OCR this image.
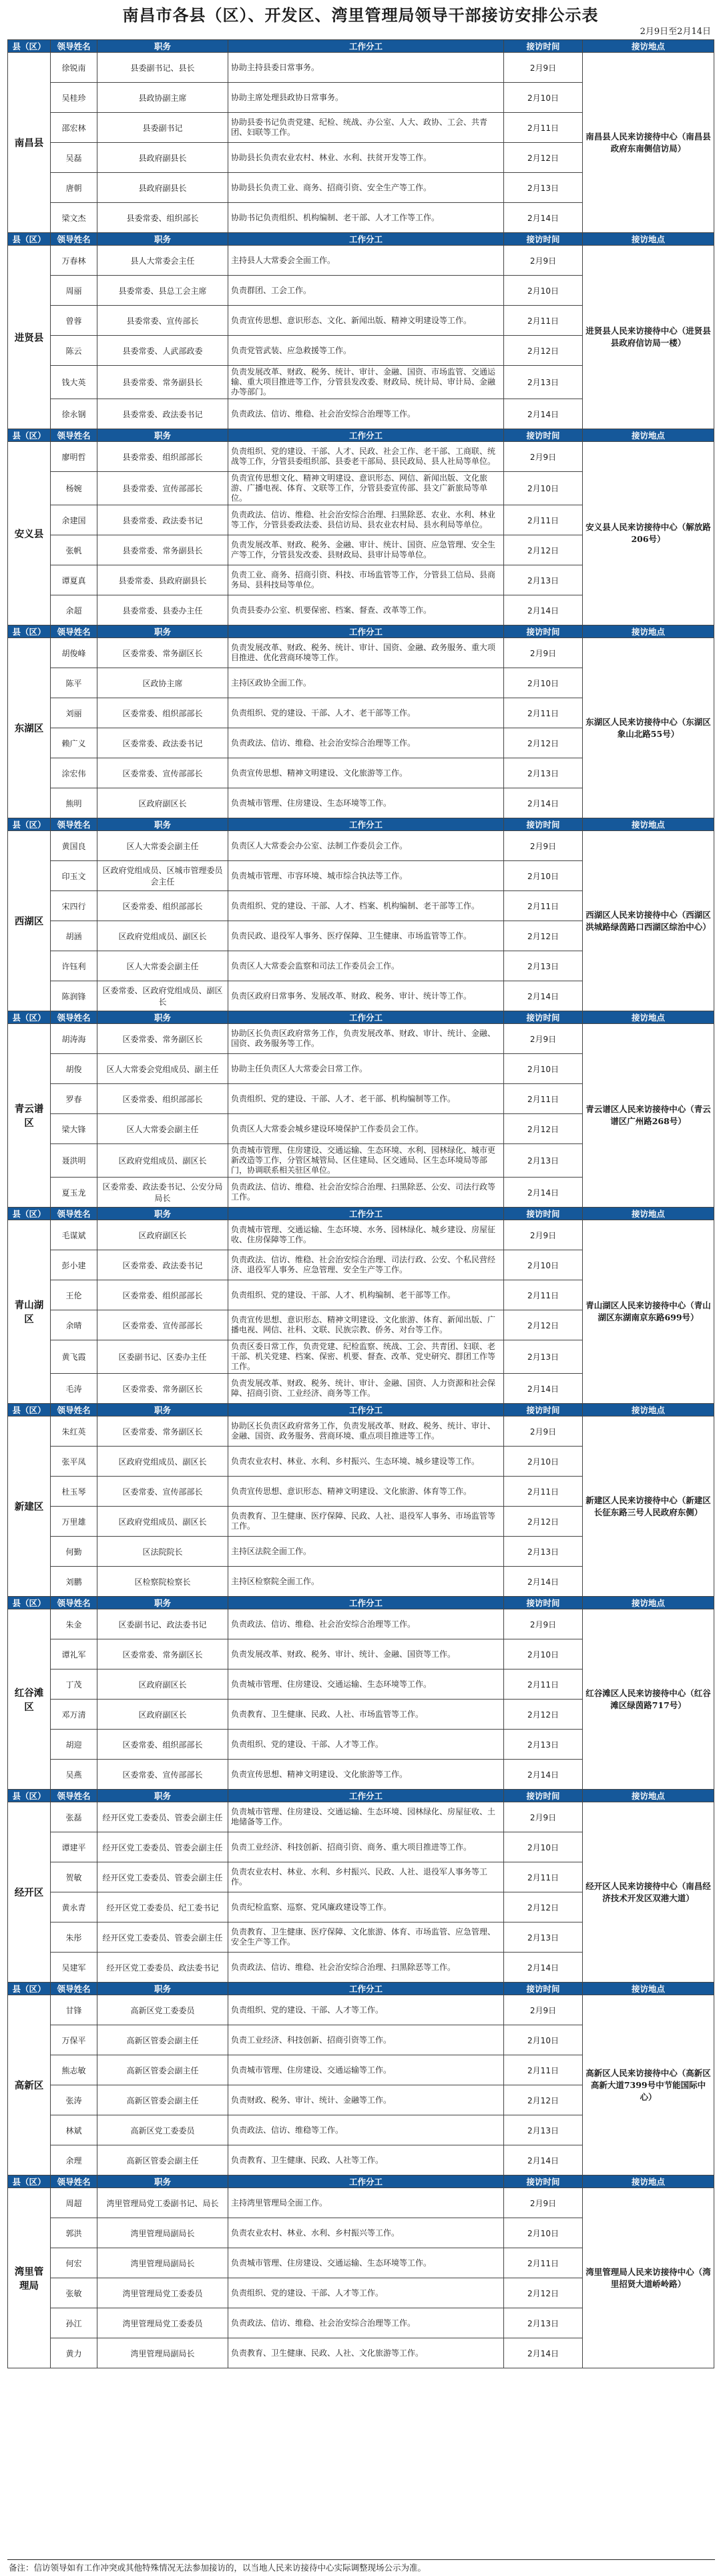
南昌市各县（区）、开发区、湾里管理局领导干部接访安排公示表
2月9日至2月14日
县（区）	领导姓名	职务	工作分工	接访时间	接访地点
南昌县	徐锐南	县委副书记、县长	协助主持县委日常事务。	2月9日	南昌县人民来访接待中心（南昌县政府东南侧信访局）
	吴桂珍	县政协副主席	协助主席处理县政协日常事务。	2月10日	
	邵宏林	县委副书记	协助县委书记负责党建、纪检、统战、办公室、人大、政协、工会、共青团、妇联等工作。	2月11日	
	吴磊	县政府副县长	协助县长负责农业农村、林业、水利、扶贫开发等工作。	2月12日	
	唐朝	县政府副县长	协助县长负责工业、商务、招商引资、安全生产等工作。	2月13日	
	梁文杰	县委常委、组织部长	协助书记负责组织、机构编制、老干部、人才工作等工作。	2月14日	
县（区）	领导姓名	职务	工作分工	接访时间	接访地点
进贤县	万春林	县人大常委会主任	主持县人大常委会全面工作。	2月9日	进贤县人民来访接待中心（进贤县县政府信访局一楼）
	周丽	县委常委、县总工会主席	负责群团、工会工作。	2月10日	
	曾蓉	县委常委、宣传部长	负责宣传思想、意识形态、文化、新闻出版、精神文明建设等工作。	2月11日	
	陈云	县委常委、人武部政委	负责党管武装、应急救援等工作。	2月12日	
	钱大英	县委常委、常务副县长	负责发展改革、财政、税务、统计、审计、金融、国资、市场监管、交通运输、重大项目推进等工作，分管县发改委、财政局、统计局、审计局、金融办等部门。	2月13日	
	徐永钢	县委常委、政法委书记	负责政法、信访、维稳、社会治安综合治理等工作。	2月14日	
县（区）	领导姓名	职务	工作分工	接访时间	接访地点
安义县	廖明哲	县委常委、组织部部长	负责组织、党的建设、干部、人才、民政、社会工作、老干部、工商联、统战等工作，分管县委组织部、县委老干部局、县民政局、县人社局等单位。	2月9日	安义县人民来访接待中心（解放路206号）
	杨婉	县委常委、宣传部部长	负责宣传思想文化、精神文明建设、意识形态、网信、新闻出版、文化旅游、广播电视、体育、文联等工作，分管县委宣传部、县文广新旅局等单位。	2月10日	
	余建国	县委常委、政法委书记	负责政法、信访、维稳、社会治安综合治理、扫黑除恶、农业、水利、林业等工作，分管县委政法委、县信访局、县农业农村局、县水利局等单位。	2月11日	
	张帆	县委常委、常务副县长	负责发展改革、财政、税务、金融、审计、统计、国资、应急管理、安全生产等工作，分管县发改委、县财政局、县审计局等单位。	2月12日	
	谭夏真	县委常委、县政府副县长	负责工业、商务、招商引资、科技、市场监管等工作，分管县工信局、县商务局、县科技局等单位。	2月13日	
	余超	县委常委、县委办主任	负责县委办公室、机要保密、档案、督查、改革等工作。	2月14日	
县（区）	领导姓名	职务	工作分工	接访时间	接访地点
东湖区	胡俊峰	区委常委、常务副区长	负责发展改革、财政、税务、统计、审计、国资、金融、政务服务、重大项目推进、优化营商环境等工作。	2月9日	东湖区人民来访接待中心（东湖区象山北路55号）
	陈平	区政协主席	主持区政协全面工作。	2月10日	
	刘丽	区委常委、组织部部长	负责组织、党的建设、干部、人才、老干部等工作。	2月11日	
	赖广义	区委常委、政法委书记	负责政法、信访、维稳、社会治安综合治理等工作。	2月12日	
	涂宏伟	区委常委、宣传部部长	负责宣传思想、精神文明建设、文化旅游等工作。	2月13日	
	熊明	区政府副区长	负责城市管理、住房建设、生态环境等工作。	2月14日	
县（区）	领导姓名	职务	工作分工	接访时间	接访地点
西湖区	黄国良	区人大常委会副主任	负责区人大常委会办公室、法制工作委员会工作。	2月9日	西湖区人民来访接待中心（西湖区洪城路绿茵路口西湖区综治中心）
	印玉文	区政府党组成员、区城市管理委员会主任	负责城市管理、市容环境、城市综合执法等工作。	2月10日	
	宋四行	区委常委、组织部部长	负责组织、党的建设、干部、人才、档案、机构编制、老干部等工作。	2月11日	
	胡涵	区政府党组成员、副区长	负责民政、退役军人事务、医疗保障、卫生健康、市场监管等工作。	2月12日	
	许钰利	区人大常委会副主任	负责区人大常委会监察和司法工作委员会工作。	2月13日	
	陈润锋	区委常委、区政府党组成员、副区长	负责区政府日常事务、发展改革、财政、税务、审计、统计等工作。	2月14日	
县（区）	领导姓名	职务	工作分工	接访时间	接访地点
青云谱区	胡涛海	区委常委、常务副区长	协助区长负责区政府常务工作，负责发展改革、财政、审计、统计、金融、国资、政务服务等工作。	2月9日	青云谱区人民来访接待中心（青云谱区广州路268号）
	胡俊	区人大常委会党组成员、副主任	协助主任负责区人大常委会日常工作。	2月10日	
	罗春	区委常委、组织部部长	负责组织、党的建设、干部、人才、老干部、机构编制等工作。	2月11日	
	梁大锋	区人大常委会副主任	负责区人大常委会城乡建设环境保护工作委员会工作。	2月12日	
	聂洪明	区政府党组成员、副区长	负责城市管理、住房建设、交通运输、生态环境、水利、园林绿化、城市更新改造等工作，分管区城管局、区住建局、区交通局、区生态环境局等部门，协调联系相关驻区单位。	2月13日	
	夏玉龙	区委常委、政法委书记、公安分局局长	负责政法、信访、维稳、社会治安综合治理、扫黑除恶、公安、司法行政等工作。	2月14日	
县（区）	领导姓名	职务	工作分工	接访时间	接访地点
青山湖区	毛谋斌	区政府副区长	负责城市管理、交通运输、生态环境、水务、园林绿化、城乡建设、房屋征收、住房保障等工作。	2月9日	青山湖区人民来访接待中心（青山湖区东湖南京东路699号）
	彭小建	区委常委、政法委书记	负责政法、信访、维稳、社会治安综合治理、司法行政、公安、个私民营经济、退役军人事务、应急管理、安全生产等工作。	2月10日	
	王伦	区委常委、组织部部长	负责组织、党的建设、干部、人才、机构编制、老干部等工作。	2月11日	
	余晴	区委常委、宣传部部长	负责宣传思想、意识形态、精神文明建设、文化旅游、体育、新闻出版、广播电视、网信、社科、文联、民族宗教、侨务、对台等工作。	2月12日	
	黄飞霞	区委副书记、区委办主任	负责区委日常工作，负责党建、纪检监察、统战、工会、共青团、妇联、老干部、机关党建、档案、保密、机要、督查、改革、党史研究、群团工作等工作。	2月13日	
	毛涛	区委常委、常务副区长	负责发展改革、财政、税务、统计、审计、金融、国资、人力资源和社会保障、招商引资、工业经济、商务等工作。	2月14日	
县（区）	领导姓名	职务	工作分工	接访时间	接访地点
新建区	朱红英	区委常委、常务副区长	协助区长负责区政府常务工作，负责发展改革、财政、税务、统计、审计、金融、国资、政务服务、营商环境、重点项目推进等工作。	2月9日	新建区人民来访接待中心（新建区长征东路三号人民政府东侧）
	张平凤	区政府党组成员、副区长	负责农业农村、林业、水利、乡村振兴、生态环境、城乡建设等工作。	2月10日	
	杜玉琴	区委常委、宣传部部长	负责宣传思想、意识形态、精神文明建设、文化旅游、体育等工作。	2月11日	
	万里雄	区政府党组成员、副区长	负责教育、卫生健康、医疗保障、民政、人社、退役军人事务、市场监管等工作。	2月12日	
	何勤	区法院院长	主持区法院全面工作。	2月13日	
	刘鹏	区检察院检察长	主持区检察院全面工作。	2月14日	
县（区）	领导姓名	职务	工作分工	接访时间	接访地点
红谷滩区	朱金	区委副书记、政法委书记	负责政法、信访、维稳、社会治安综合治理等工作。	2月9日	红谷滩区人民来访接待中心（红谷滩区绿茵路717号）
	谭礼军	区委常委、常务副区长	负责发展改革、财政、税务、审计、统计、金融、国资等工作。	2月10日	
	丁茂	区政府副区长	负责城市管理、住房建设、交通运输、生态环境等工作。	2月11日	
	邓万清	区政府副区长	负责教育、卫生健康、民政、人社、市场监管等工作。	2月12日	
	胡迎	区委常委、组织部部长	负责组织、党的建设、干部、人才等工作。	2月13日	
	吴燕	区委常委、宣传部部长	负责宣传思想、精神文明建设、文化旅游等工作。	2月14日	
县（区）	领导姓名	职务	工作分工	接访时间	接访地点
经开区	张磊	经开区党工委委员、管委会副主任	负责城市管理、住房建设、交通运输、生态环境、园林绿化、房屋征收、土地储备等工作。	2月9日	经开区人民来访接待中心（南昌经济技术开发区双港大道）
	谭建平	经开区党工委委员、管委会副主任	负责工业经济、科技创新、招商引资、商务、重大项目推进等工作。	2月10日	
	贺敏	经开区党工委委员、管委会副主任	负责农业农村、林业、水利、乡村振兴、民政、人社、退役军人事务等工作。	2月11日	
	黄永青	经开区党工委委员、纪工委书记	负责纪检监察、巡察、党风廉政建设等工作。	2月12日	
	朱彤	经开区党工委委员、管委会副主任	负责教育、卫生健康、医疗保障、文化旅游、体育、市场监管、应急管理、安全生产等工作。	2月13日	
	吴建军	经开区党工委委员、政法委书记	负责政法、信访、维稳、社会治安综合治理、扫黑除恶等工作。	2月14日	
县（区）	领导姓名	职务	工作分工	接访时间	接访地点
高新区	甘锋	高新区党工委委员	负责组织、党的建设、干部、人才等工作。	2月9日	高新区人民来访接待中心（高新区高新大道7399号中节能国际中心）
	万保平	高新区管委会副主任	负责工业经济、科技创新、招商引资等工作。	2月10日	
	熊志敏	高新区管委会副主任	负责城市管理、住房建设、交通运输等工作。	2月11日	
	张涛	高新区管委会副主任	负责财政、税务、审计、统计、金融等工作。	2月12日	
	林斌	高新区党工委委员	负责政法、信访、维稳等工作。	2月13日	
	余理	高新区管委会副主任	负责教育、卫生健康、民政、人社等工作。	2月14日	
县（区）	领导姓名	职务	工作分工	接访时间	接访地点
湾里管理局	周超	湾里管理局党工委副书记、局长	主持湾里管理局全面工作。	2月9日	湾里管理局人民来访接待中心（湾里招贤大道峤岭路）
	郭洪	湾里管理局副局长	负责农业农村、林业、水利、乡村振兴等工作。	2月10日	
	何宏	湾里管理局副局长	负责城市管理、住房建设、交通运输、生态环境等工作。	2月11日	
	张敏	湾里管理局党工委委员	负责组织、党的建设、干部、人才等工作。	2月12日	
	孙江	湾里管理局党工委委员	负责政法、信访、维稳、社会治安综合治理等工作。	2月13日	
	黄力	湾里管理局副局长	负责教育、卫生健康、民政、人社、文化旅游等工作。	2月14日	
备注：信访领导如有工作冲突或其他特殊情况无法参加接访的，以当地人民来访接待中心实际调整现场公示为准。
